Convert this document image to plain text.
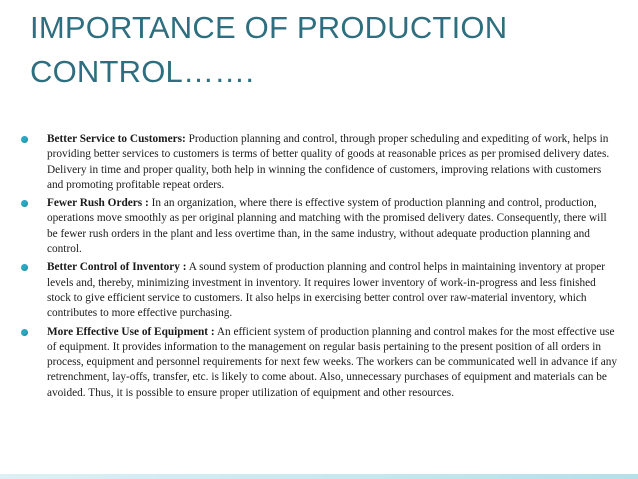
IMPORTANCE OF PRODUCTION CONTROL…….
Better Service to Customers: Production planning and control, through proper scheduling and expediting of work, helps in providing better services to customers is terms of better quality of goods at reasonable prices as per promised delivery dates. Delivery in time and proper quality, both help in winning the confidence of customers, improving relations with customers and promoting profitable repeat orders.
Fewer Rush Orders : In an organization, where there is effective system of production planning and control, production, operations move smoothly as per original planning and matching with the promised delivery dates. Consequently, there will be fewer rush orders in the plant and less overtime than, in the same industry, without adequate production planning and control.
Better Control of Inventory : A sound system of production planning and control helps in maintaining inventory at proper levels and, thereby, minimizing investment in inventory. It requires lower inventory of work-in-progress and less finished stock to give efficient service to customers. It also helps in exercising better control over raw-material inventory, which contributes to more effective purchasing.
More Effective Use of Equipment : An efficient system of production planning and control makes for the most effective use of equipment. It provides information to the management on regular basis pertaining to the present position of all orders in process, equipment and personnel requirements for next few weeks. The workers can be communicated well in advance if any retrenchment, lay-offs, transfer, etc. is likely to come about. Also, unnecessary purchases of equipment and materials can be avoided. Thus, it is possible to ensure proper utilization of equipment and other resources.
